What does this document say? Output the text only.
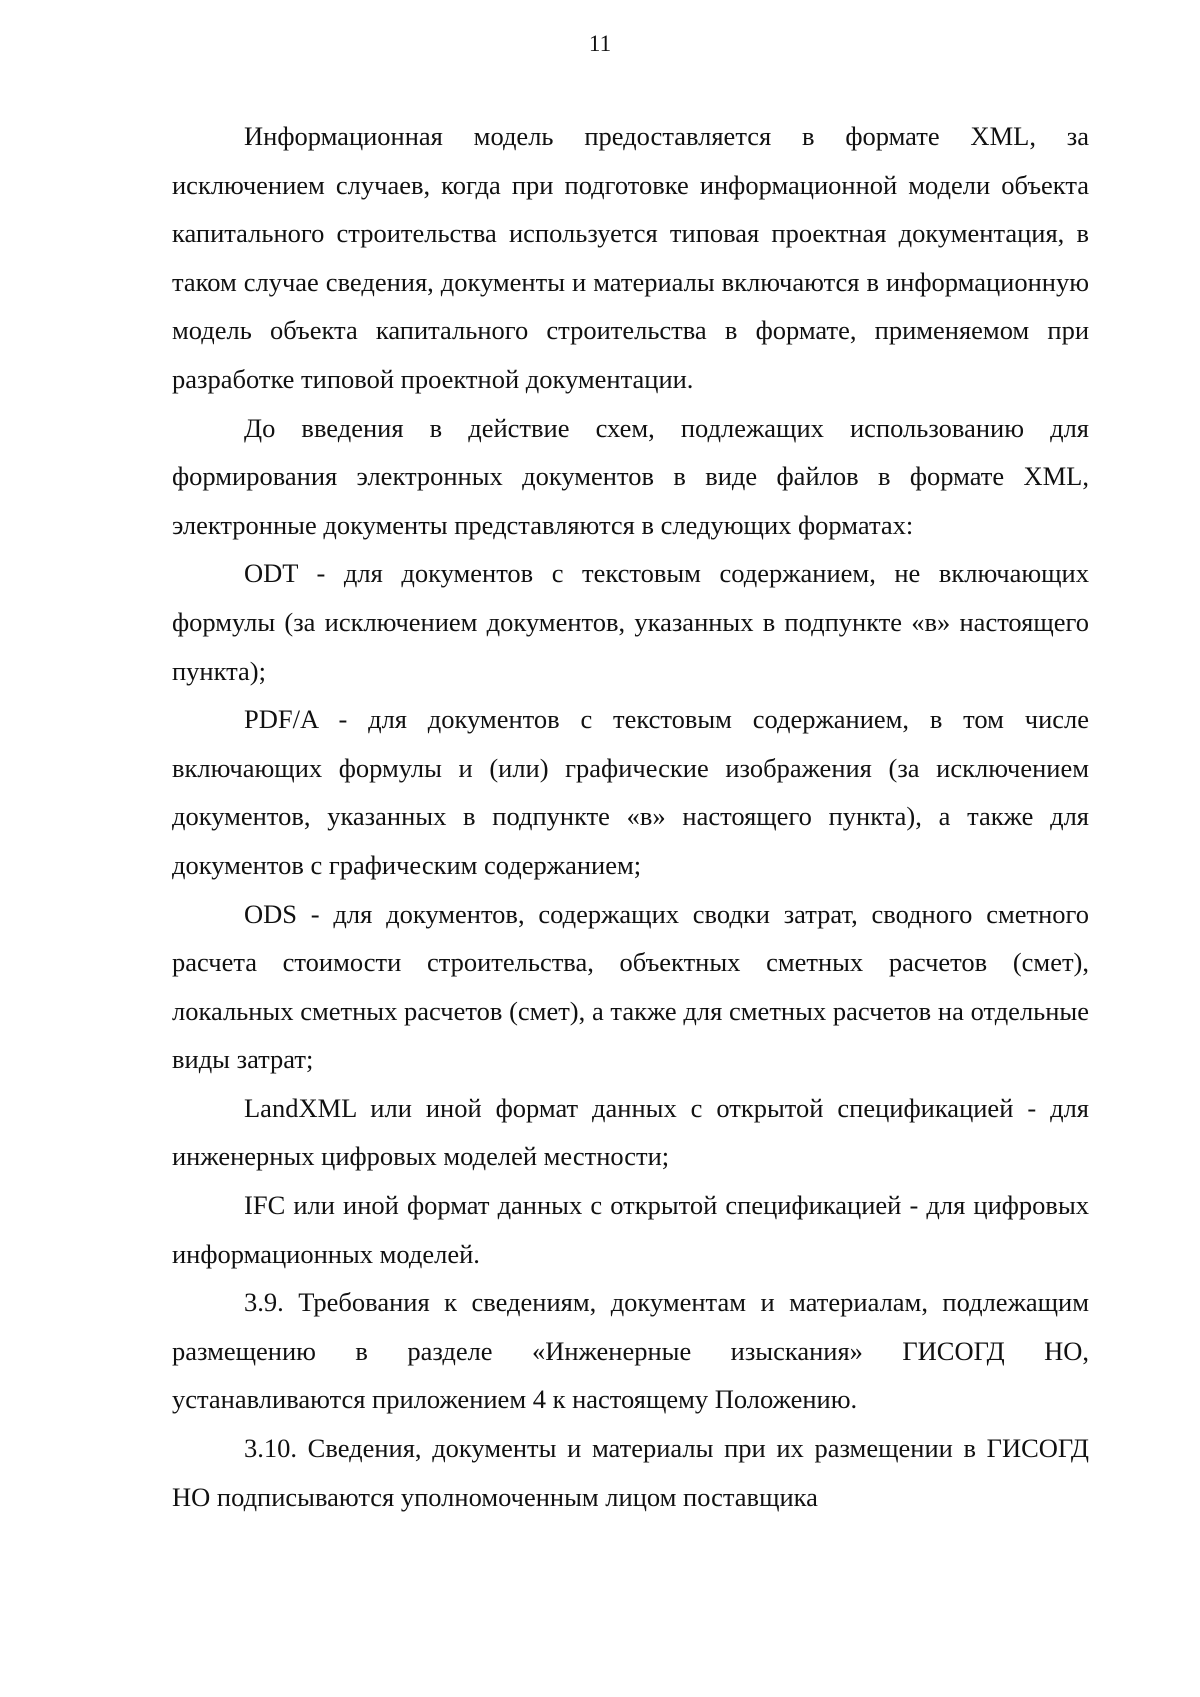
11

Информационная модель предоставляется в формате XML, за исключением случаев, когда при подготовке информационной модели объекта капитального строительства используется типовая проектная документация, в таком случае сведения, документы и материалы включаются в информационную модель объекта капитального строительства в формате, применяемом при разработке типовой проектной документации.

До введения в действие схем, подлежащих использованию для формирования электронных документов в виде файлов в формате XML, электронные документы представляются в следующих форматах:

ODT - для документов с текстовым содержанием, не включающих формулы (за исключением документов, указанных в подпункте «в» настоящего пункта);

PDF/A - для документов с текстовым содержанием, в том числе включающих формулы и (или) графические изображения (за исключением документов, указанных в подпункте «в» настоящего пункта), а также для документов с графическим содержанием;

ODS - для документов, содержащих сводки затрат, сводного сметного расчета стоимости строительства, объектных сметных расчетов (смет), локальных сметных расчетов (смет), а также для сметных расчетов на отдельные виды затрат;

LandXML или иной формат данных с открытой спецификацией - для инженерных цифровых моделей местности;

IFC или иной формат данных с открытой спецификацией - для цифровых информационных моделей.

3.9. Требования к сведениям, документам и материалам, подлежащим размещению в разделе «Инженерные изыскания» ГИСОГД НО, устанавливаются приложением 4 к настоящему Положению.

3.10. Сведения, документы и материалы при их размещении в ГИСОГД НО подписываются уполномоченным лицом поставщика
